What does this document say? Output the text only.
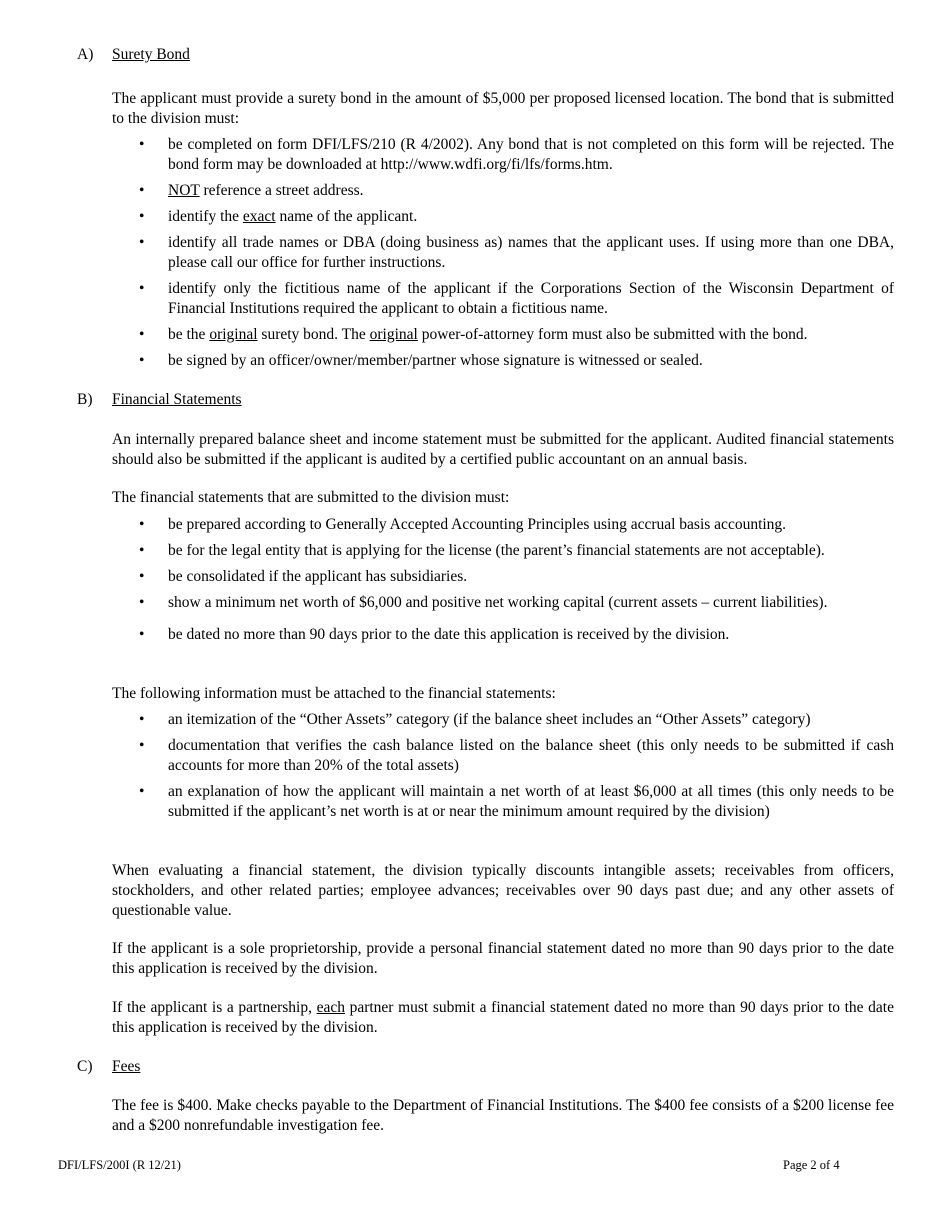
A)	Surety Bond
The applicant must provide a surety bond in the amount of $5,000 per proposed licensed location. The bond that is submitted to the division must:
• be completed on form DFI/LFS/210 (R 4/2002). Any bond that is not completed on this form will be rejected. The bond form may be downloaded at http://www.wdfi.org/fi/lfs/forms.htm.
• NOT reference a street address.
• identify the exact name of the applicant.
• identify all trade names or DBA (doing business as) names that the applicant uses. If using more than one DBA, please call our office for further instructions.
• identify only the fictitious name of the applicant if the Corporations Section of the Wisconsin Department of Financial Institutions required the applicant to obtain a fictitious name.
• be the original surety bond. The original power-of-attorney form must also be submitted with the bond.
• be signed by an officer/owner/member/partner whose signature is witnessed or sealed.
B)	Financial Statements
An internally prepared balance sheet and income statement must be submitted for the applicant. Audited financial statements should also be submitted if the applicant is audited by a certified public accountant on an annual basis.
The financial statements that are submitted to the division must:
• be prepared according to Generally Accepted Accounting Principles using accrual basis accounting.
• be for the legal entity that is applying for the license (the parent’s financial statements are not acceptable).
• be consolidated if the applicant has subsidiaries.
• show a minimum net worth of $6,000 and positive net working capital (current assets – current liabilities).
• be dated no more than 90 days prior to the date this application is received by the division.
The following information must be attached to the financial statements:
• an itemization of the “Other Assets” category (if the balance sheet includes an “Other Assets” category)
• documentation that verifies the cash balance listed on the balance sheet (this only needs to be submitted if cash accounts for more than 20% of the total assets)
• an explanation of how the applicant will maintain a net worth of at least $6,000 at all times (this only needs to be submitted if the applicant’s net worth is at or near the minimum amount required by the division)
When evaluating a financial statement, the division typically discounts intangible assets; receivables from officers, stockholders, and other related parties; employee advances; receivables over 90 days past due; and any other assets of questionable value.
If the applicant is a sole proprietorship, provide a personal financial statement dated no more than 90 days prior to the date this application is received by the division.
If the applicant is a partnership, each partner must submit a financial statement dated no more than 90 days prior to the date this application is received by the division.
C)	Fees
The fee is $400. Make checks payable to the Department of Financial Institutions. The $400 fee consists of a $200 license fee and a $200 nonrefundable investigation fee.
DFI/LFS/200I (R 12/21)	Page 2 of 4
